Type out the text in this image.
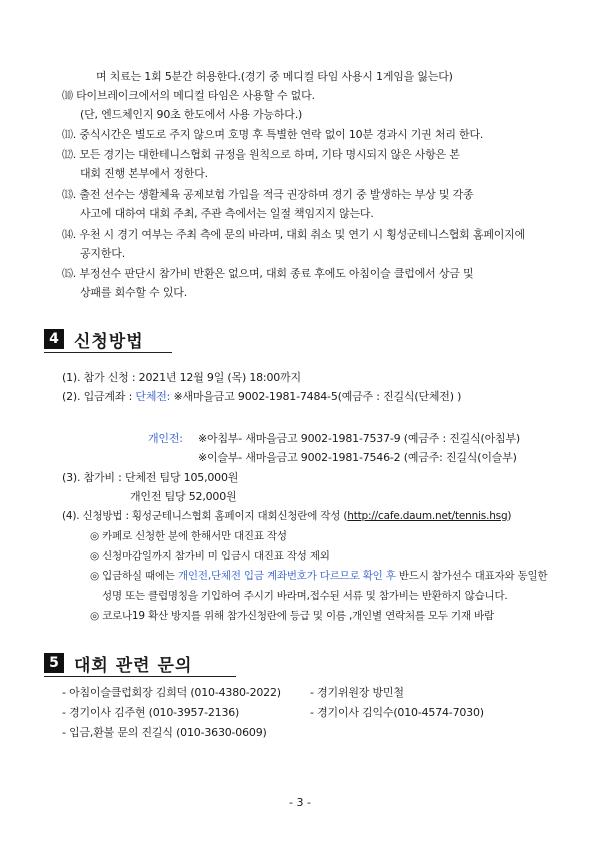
며 치료는 1회 5분간 허용한다.(경기 중 메디컬 타임 사용시 1게임을 잃는다)
⑽ 타이브레이크에서의 메디컬 타임은 사용할 수 없다.
(단, 엔드체인지 90초 한도에서 사용 가능하다.)
⑾. 중식시간은 별도로 주지 않으며 호명 후 특별한 연락 없이 10분 경과시 기권 처리 한다.
⑿. 모든 경기는 대한테니스협회 규정을 원칙으로 하며, 기타 명시되지 않은 사항은 본
대회 진행 본부에서 정한다.
⒀. 출전 선수는 생활체육 공제보험 가입을 적극 권장하며 경기 중 발생하는 부상 및 각종
사고에 대하여 대회 주최, 주관 측에서는 일절 책임지지 않는다.
⒁. 우천 시 경기 여부는 주최 측에 문의 바라며, 대회 취소 및 연기 시 횡성군테니스협회 홈페이지에
공지한다.
⒂. 부정선수 판단시 참가비 반환은 없으며, 대회 종료 후에도 아침이슬 클럽에서 상금 및
상패를 회수할 수 있다.
4 신청방법
(1). 참가 신청 : 2021년 12월 9일 (목) 18:00까지
(2). 입금계좌 : 단체전: ※새마을금고 9002-1981-7484-5(예금주 : 진길식(단체전) )
개인전: ※아침부- 새마을금고 9002-1981-7537-9 (예금주 : 진길식(아침부)
※이슬부- 새마을금고 9002-1981-7546-2 (예금주: 진길식(이슬부)
(3). 참가비 : 단체전 팀당 105,000원
개인전 팀당 52,000원
(4). 신청방법 : 횡성군테니스협회 홈페이지 대회신청란에 작성 (http://cafe.daum.net/tennis.hsg)
◎ 카페로 신청한 분에 한해서만 대진표 작성
◎ 신청마감일까지 참가비 미 입금시 대진표 작성 제외
◎ 입금하실 때에는 개인전,단체전 입금 계좌번호가 다르므로 확인 후 반드시 참가선수 대표자와 동일한
성명 또는 클럽명칭을 기입하여 주시기 바라며,접수된 서류 및 참가비는 반환하지 않습니다.
◎ 코로나19 확산 방지를 위해 참가신청란에 등급 및 이름 ,개인별 연락처를 모두 기재 바람
5 대회 관련 문의
- 아침이슬클럽회장 김희덕 (010-4380-2022)	- 경기위원장 방민철
- 경기이사 김주현 (010-3957-2136)	- 경기이사 김익수(010-4574-7030)
- 입금,환불 문의 진길식 (010-3630-0609)
- 3 -
